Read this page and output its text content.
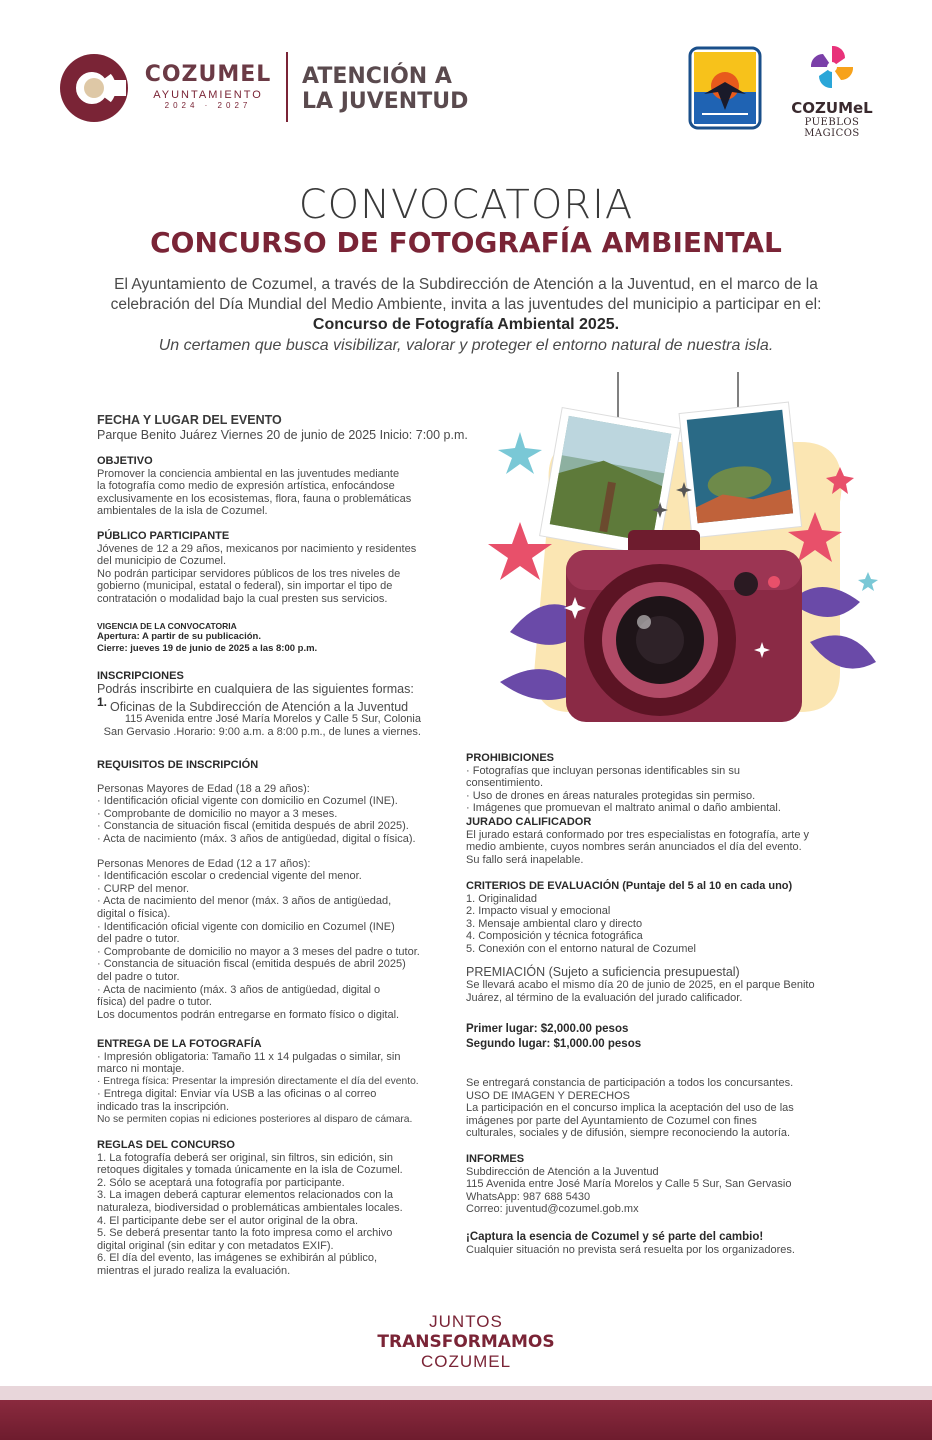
COZUMEL
AYUNTAMIENTO
2024 · 2027
ATENCIÓN A
LA JUVENTUD	COZUMeL
PUEBLOS MAGICOS
CONVOCATORIA
CONCURSO DE FOTOGRAFÍA AMBIENTAL
El Ayuntamiento de Cozumel, a través de la Subdirección de Atención a la Juventud, en el marco de la
celebración del Día Mundial del Medio Ambiente, invita a las juventudes del municipio a participar en el:
Concurso de Fotografía Ambiental 2025.
Un certamen que busca visibilizar, valorar y proteger el entorno natural de nuestra isla.
FECHA Y LUGAR DEL EVENTO
Parque Benito Juárez Viernes 20 de junio de 2025 Inicio: 7:00 p.m.
OBJETIVO
Promover la conciencia ambiental en las juventudes mediante
la fotografía como medio de expresión artística, enfocándose
exclusivamente en los ecosistemas, flora, fauna o problemáticas
ambientales de la isla de Cozumel.
PÚBLICO PARTICIPANTE
Jóvenes de 12 a 29 años, mexicanos por nacimiento y residentes
del municipio de Cozumel.
No podrán participar servidores públicos de los tres niveles de
gobierno (municipal, estatal o federal), sin importar el tipo de
contratación o modalidad bajo la cual presten sus servicios.
VIGENCIA DE LA CONVOCATORIA
Apertura: A partir de su publicación.
Cierre: jueves 19 de junio de 2025 a las 8:00 p.m.
INSCRIPCIONES
Podrás inscribirte en cualquiera de las siguientes formas:
1. Oficinas de la Subdirección de Atención a la Juventud
115 Avenida entre José María Morelos y Calle 5 Sur, Colonia
San Gervasio .Horario: 9:00 a.m. a 8:00 p.m., de lunes a viernes.
REQUISITOS DE INSCRIPCIÓN
Personas Mayores de Edad (18 a 29 años):
· Identificación oficial vigente con domicilio en Cozumel (INE).
· Comprobante de domicilio no mayor a 3 meses.
· Constancia de situación fiscal (emitida después de abril 2025).
· Acta de nacimiento (máx. 3 años de antigüedad, digital o física).
Personas Menores de Edad (12 a 17 años):
· Identificación escolar o credencial vigente del menor.
· CURP del menor.
· Acta de nacimiento del menor (máx. 3 años de antigüedad,
digital o física).
· Identificación oficial vigente con domicilio en Cozumel (INE)
del padre o tutor.
· Comprobante de domicilio no mayor a 3 meses del padre o tutor.
· Constancia de situación fiscal (emitida después de abril 2025)
del padre o tutor.
· Acta de nacimiento (máx. 3 años de antigüedad, digital o
física) del padre o tutor.
Los documentos podrán entregarse en formato físico o digital.
ENTREGA DE LA FOTOGRAFÍA
· Impresión obligatoria: Tamaño 11 x 14 pulgadas o similar, sin
marco ni montaje.
· Entrega física: Presentar la impresión directamente el día del evento.
· Entrega digital: Enviar vía USB a las oficinas o al correo
indicado tras la inscripción.
No se permiten copias ni ediciones posteriores al disparo de cámara.
REGLAS DEL CONCURSO
1. La fotografía deberá ser original, sin filtros, sin edición, sin
retoques digitales y tomada únicamente en la isla de Cozumel.
2. Sólo se aceptará una fotografía por participante.
3. La imagen deberá capturar elementos relacionados con la
naturaleza, biodiversidad o problemáticas ambientales locales.
4. El participante debe ser el autor original de la obra.
5. Se deberá presentar tanto la foto impresa como el archivo
digital original (sin editar y con metadatos EXIF).
6. El día del evento, las imágenes se exhibirán al público,
mientras el jurado realiza la evaluación.
PROHIBICIONES
· Fotografías que incluyan personas identificables sin su
consentimiento.
· Uso de drones en áreas naturales protegidas sin permiso.
· Imágenes que promuevan el maltrato animal o daño ambiental.
JURADO CALIFICADOR
El jurado estará conformado por tres especialistas en fotografía, arte y
medio ambiente, cuyos nombres serán anunciados el día del evento.
Su fallo será inapelable.
CRITERIOS DE EVALUACIÓN (Puntaje del 5 al 10 en cada uno)
1. Originalidad
2. Impacto visual y emocional
3. Mensaje ambiental claro y directo
4. Composición y técnica fotográfica
5. Conexión con el entorno natural de Cozumel
PREMIACIÓN (Sujeto a suficiencia presupuestal)
Se llevará acabo el mismo día 20 de junio de 2025, en el parque Benito
Juárez, al término de la evaluación del jurado calificador.
Primer lugar: $2,000.00 pesos
Segundo lugar: $1,000.00 pesos
Se entregará constancia de participación a todos los concursantes.
USO DE IMAGEN Y DERECHOS
La participación en el concurso implica la aceptación del uso de las
imágenes por parte del Ayuntamiento de Cozumel con fines
culturales, sociales y de difusión, siempre reconociendo la autoría.
INFORMES
Subdirección de Atención a la Juventud
115 Avenida entre José María Morelos y Calle 5 Sur, San Gervasio
WhatsApp: 987 688 5430
Correo: juventud@cozumel.gob.mx
¡Captura la esencia de Cozumel y sé parte del cambio!
Cualquier situación no prevista será resuelta por los organizadores.
JUNTOS
TRANSFORMAMOS
COZUMEL
